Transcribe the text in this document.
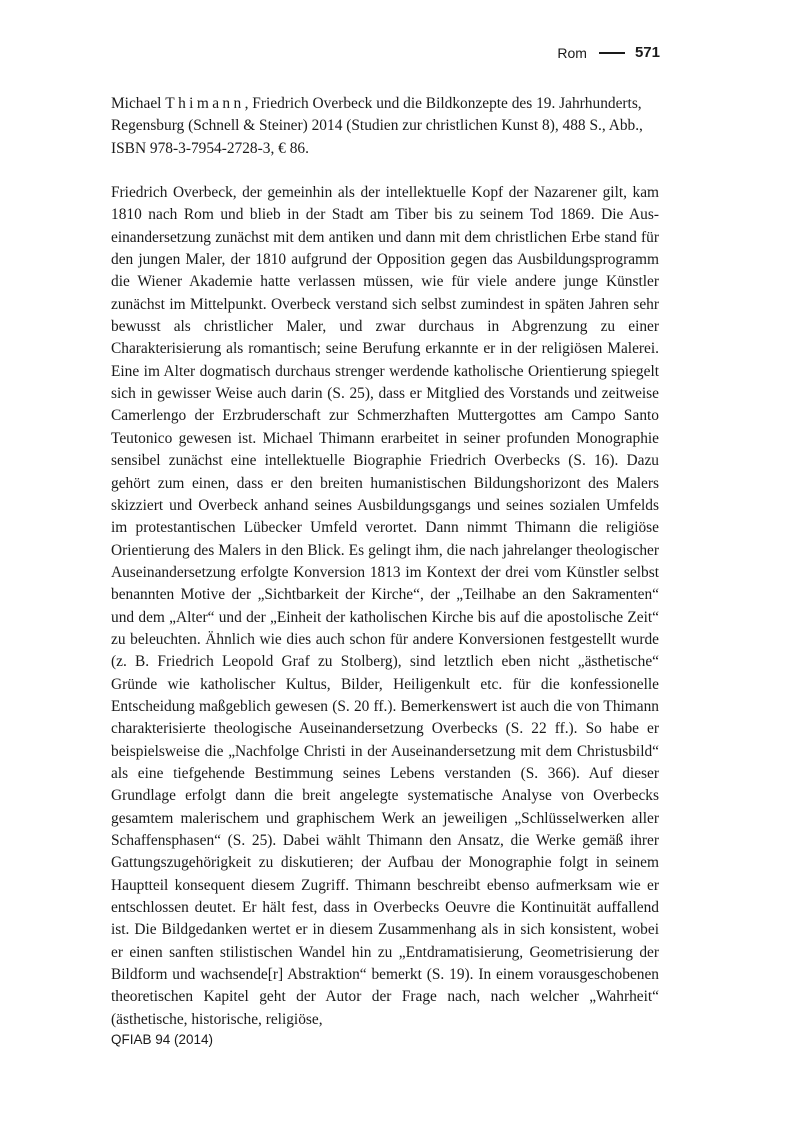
Rom	571

Michael Thimann, Friedrich Overbeck und die Bildkonzepte des 19. Jahrhunderts, Regensburg (Schnell & Steiner) 2014 (Studien zur christlichen Kunst 8), 488 S., Abb., ISBN 978-3-7954-2728-3, € 86.

Friedrich Overbeck, der gemeinhin als der intellektuelle Kopf der Nazarener gilt, kam 1810 nach Rom und blieb in der Stadt am Tiber bis zu seinem Tod 1869. Die Auseinandersetzung zunächst mit dem antiken und dann mit dem christlichen Erbe stand für den jungen Maler, der 1810 aufgrund der Opposition gegen das Ausbildungsprogramm die Wiener Akademie hatte verlassen müssen, wie für viele andere junge Künstler zunächst im Mittelpunkt. Overbeck verstand sich selbst zumindest in späten Jahren sehr bewusst als christlicher Maler, und zwar durchaus in Abgrenzung zu einer Charakterisierung als romantisch; seine Berufung erkannte er in der religiösen Malerei. Eine im Alter dogmatisch durchaus strenger werdende katholische Orientierung spiegelt sich in gewisser Weise auch darin (S. 25), dass er Mitglied des Vorstands und zeitweise Camerlengo der Erzbruderschaft zur Schmerzhaften Muttergottes am Campo Santo Teutonico gewesen ist. Michael Thimann erarbeitet in seiner profunden Monographie sensibel zunächst eine intellektuelle Biographie Friedrich Overbecks (S. 16). Dazu gehört zum einen, dass er den breiten humanistischen Bildungshorizont des Malers skizziert und Overbeck anhand seines Ausbildungsgangs und seines sozialen Umfelds im protestantischen Lübecker Umfeld verortet. Dann nimmt Thimann die religiöse Orientierung des Malers in den Blick. Es gelingt ihm, die nach jahrelanger theologischer Auseinandersetzung erfolgte Konversion 1813 im Kontext der drei vom Künstler selbst benannten Motive der „Sichtbarkeit der Kirche“, der „Teilhabe an den Sakramenten“ und dem „Alter“ und der „Einheit der katholischen Kirche bis auf die apostolische Zeit“ zu beleuchten. Ähnlich wie dies auch schon für andere Konversionen festgestellt wurde (z. B. Friedrich Leopold Graf zu Stolberg), sind letztlich eben nicht „ästhetische“ Gründe wie katholischer Kultus, Bilder, Heiligenkult etc. für die konfessionelle Entscheidung maßgeblich gewesen (S. 20 ff.). Bemerkenswert ist auch die von Thimann charakterisierte theologische Auseinandersetzung Overbecks (S. 22 ff.). So habe er beispielsweise die „Nachfolge Christi in der Auseinandersetzung mit dem Christusbild“ als eine tiefgehende Bestimmung seines Lebens verstanden (S. 366). Auf dieser Grundlage erfolgt dann die breit angelegte systematische Analyse von Overbecks gesamtem malerischem und graphischem Werk an jeweiligen „Schlüsselwerken aller Schaffensphasen“ (S. 25). Dabei wählt Thimann den Ansatz, die Werke gemäß ihrer Gattungszugehörigkeit zu diskutieren; der Aufbau der Monographie folgt in seinem Hauptteil konsequent diesem Zugriff. Thimann beschreibt ebenso aufmerksam wie er entschlossen deutet. Er hält fest, dass in Overbecks Oeuvre die Kontinuität auffallend ist. Die Bildgedanken wertet er in diesem Zusammenhang als in sich konsistent, wobei er einen sanften stilistischen Wandel hin zu „Entdramatisierung, Geometrisierung der Bildform und wachsende[r] Abstraktion“ bemerkt (S. 19). In einem vorausgeschobenen theoretischen Kapitel geht der Autor der Frage nach, nach welcher „Wahrheit“ (ästhetische, historische, religiöse,

QFIAB 94 (2014)
